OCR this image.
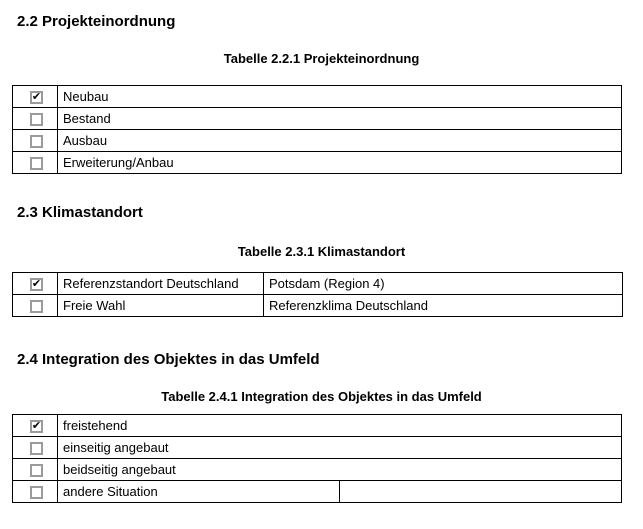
2.2 Projekteinordnung
Tabelle 2.2.1 Projekteinordnung
✔	Neubau

	Bestand

	Ausbau

	Erweiterung/Anbau
2.3 Klimastandort
Tabelle 2.3.1 Klimastandort
✔	Referenzstandort Deutschland	Potsdam (Region 4)

	Freie Wahl	Referenzklima Deutschland
2.4 Integration des Objektes in das Umfeld
Tabelle 2.4.1 Integration des Objektes in das Umfeld
✔	freistehend	

	einseitig angebaut	

	beidseitig angebaut	

	andere Situation	
